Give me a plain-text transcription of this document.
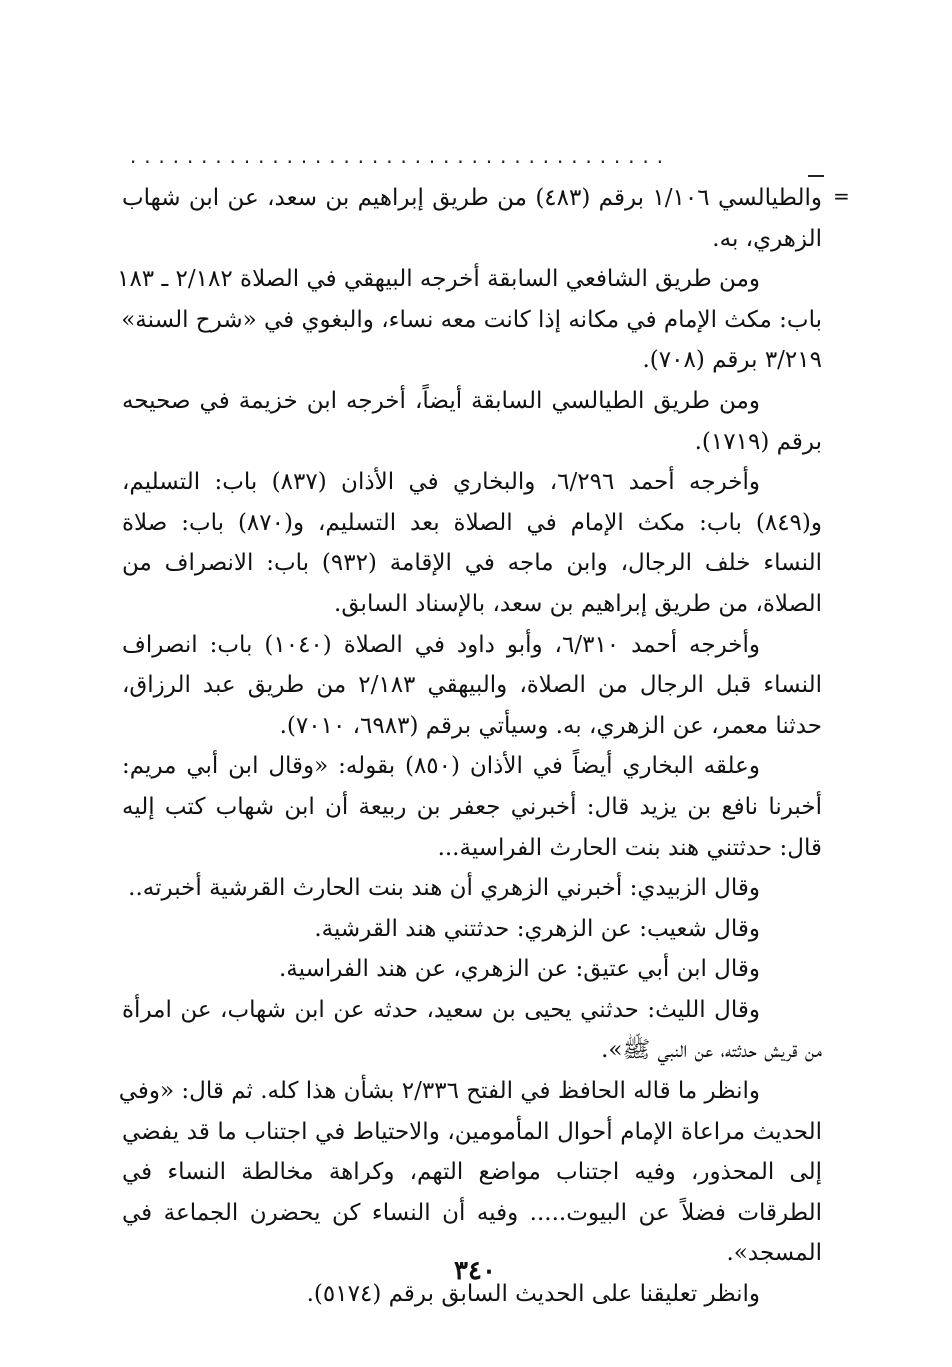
......................................
=
والطيالسي ١/١٠٦ برقم (٤٨٣) من طريق إبراهيم بن سعد، عن ابن شهاب
الزهري، به.
ومن طريق الشافعي السابقة أخرجه البيهقي في الصلاة ٢/١٨٢ ـ ١٨٣
باب: مكث الإمام في مكانه إذا كانت معه نساء، والبغوي في «شرح السنة»
٣/٢١٩ برقم (٧٠٨).
ومن طريق الطيالسي السابقة أيضاً، أخرجه ابن خزيمة في صحيحه
برقم (١٧١٩).
وأخرجه أحمد ٦/٢٩٦، والبخاري في الأذان (٨٣٧) باب: التسليم،
و(٨٤٩) باب: مكث الإمام في الصلاة بعد التسليم، و(٨٧٠) باب: صلاة
النساء خلف الرجال، وابن ماجه في الإقامة (٩٣٢) باب: الانصراف من
الصلاة، من طريق إبراهيم بن سعد، بالإسناد السابق.
وأخرجه أحمد ٦/٣١٠، وأبو داود في الصلاة (١٠٤٠) باب: انصراف
النساء قبل الرجال من الصلاة، والبيهقي ٢/١٨٣ من طريق عبد الرزاق،
حدثنا معمر، عن الزهري، به. وسيأتي برقم (٦٩٨٣، ٧٠١٠).
وعلقه البخاري أيضاً في الأذان (٨٥٠) بقوله: «وقال ابن أبي مريم:
أخبرنا نافع بن يزيد قال: أخبرني جعفر بن ربيعة أن ابن شهاب كتب إليه
قال: حدثتني هند بنت الحارث الفراسية...
وقال الزبيدي: أخبرني الزهري أن هند بنت الحارث القرشية أخبرته..
وقال شعيب: عن الزهري: حدثتني هند القرشية.
وقال ابن أبي عتيق: عن الزهري، عن هند الفراسية.
وقال الليث: حدثني يحيى بن سعيد، حدثه عن ابن شهاب، عن امرأة
من قريش حدثته، عن النبي ﷺ».
وانظر ما قاله الحافظ في الفتح ٢/٣٣٦ بشأن هذا كله. ثم قال: «وفي
الحديث مراعاة الإمام أحوال المأمومين، والاحتياط في اجتناب ما قد يفضي
إلى المحذور، وفيه اجتناب مواضع التهم، وكراهة مخالطة النساء في
الطرقات فضلاً عن البيوت..... وفيه أن النساء كن يحضرن الجماعة في
المسجد».
وانظر تعليقنا على الحديث السابق برقم (٥١٧٤).
٣٤٠
